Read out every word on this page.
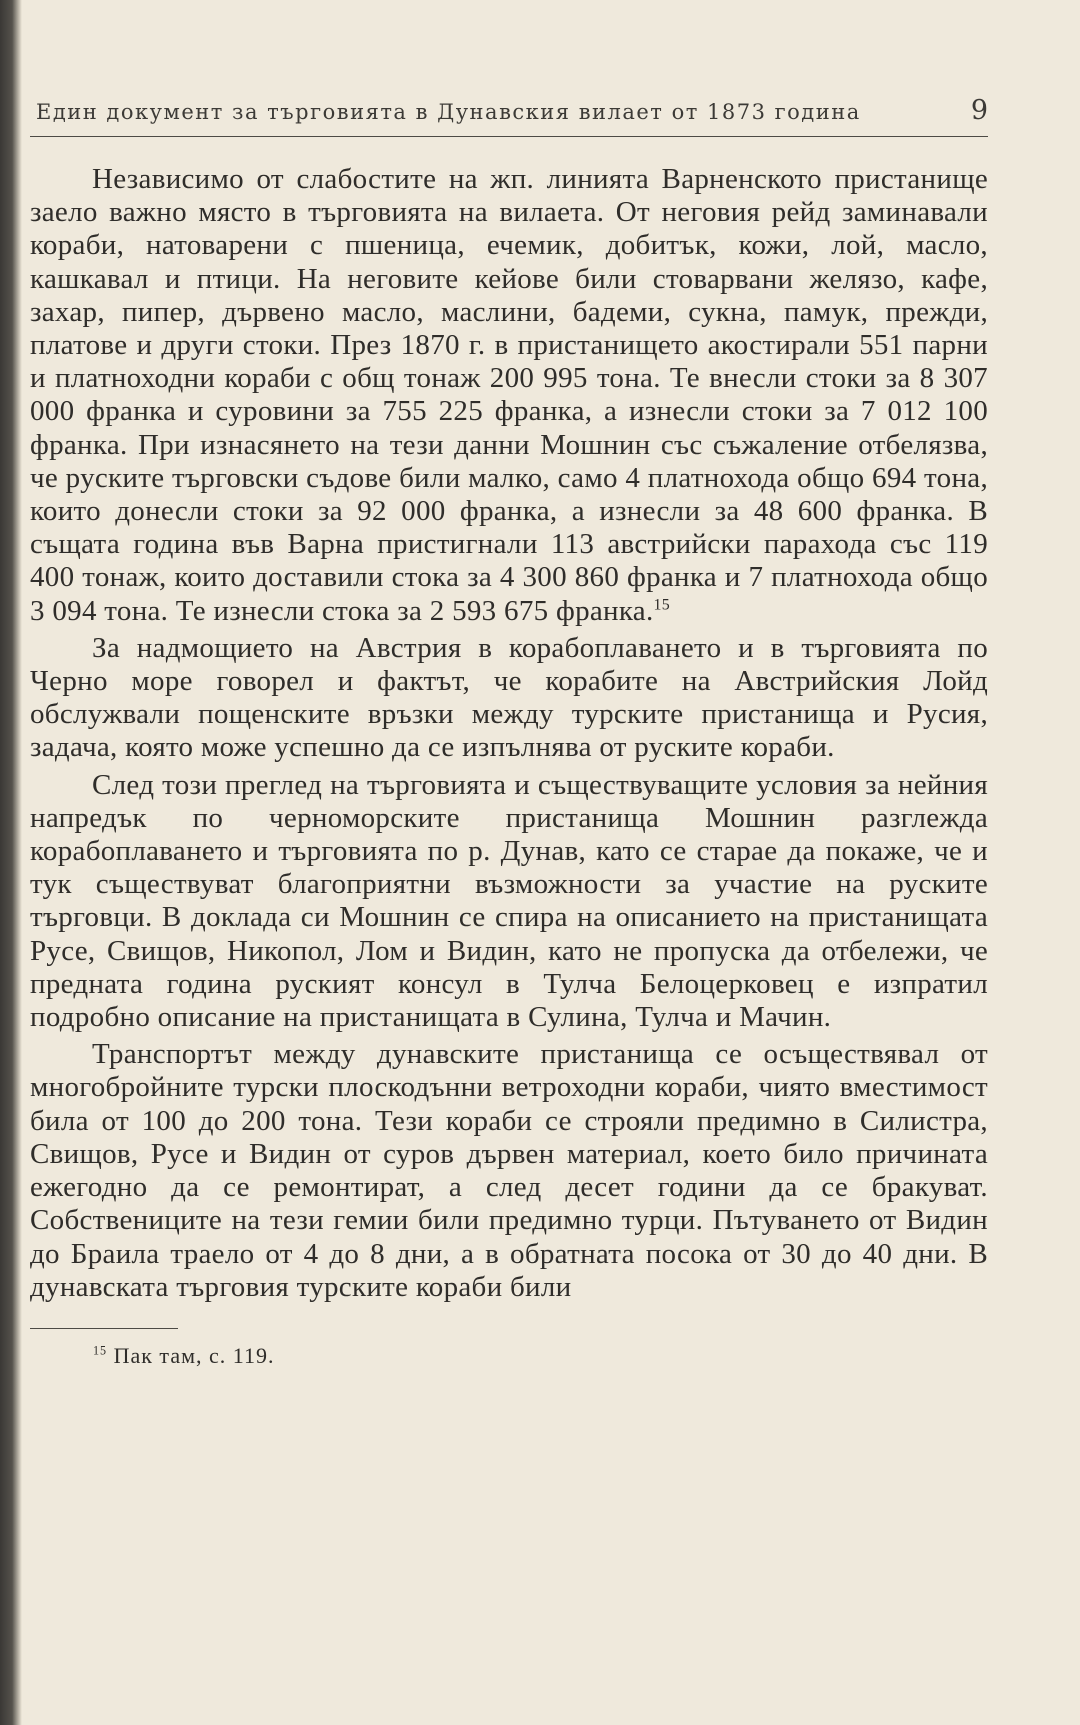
Един документ за търговията в Дунавския вилает от 1873 година	9

Независимо от слабостите на жп. линията Варненското пристанище заело важно място в търговията на вилаета. От неговия рейд заминавали кораби, натоварени с пшеница, ечемик, добитък, кожи, лой, масло, кашкавал и птици. На неговите кейове били стоварвани желязо, кафе, захар, пипер, дървено масло, маслини, бадеми, сукна, памук, прежди, платове и други стоки. През 1870 г. в пристанището акостирали 551 парни и платноходни кораби с общ тонаж 200 995 тона. Те внесли стоки за 8 307 000 франка и суровини за 755 225 франка, а изнесли стоки за 7 012 100 франка. При изнасянето на тези данни Мошнин със съжаление отбелязва, че руските търговски съдове били малко, само 4 платнохода общо 694 тона, които донесли стоки за 92 000 франка, а изнесли за 48 600 франка. В същата година във Варна пристигнали 113 австрийски парахода със 119 400 тонаж, които доставили стока за 4 300 860 франка и 7 платнохода общо 3 094 тона. Те изнесли стока за 2 593 675 франка.$^{15}$

За надмощието на Австрия в корабоплаването и в търговията по Черно море говорел и фактът, че корабите на Австрийския Лойд обслужвали пощенските връзки между турските пристанища и Русия, задача, която може успешно да се изпълнява от руските кораби.

След този преглед на търговията и съществуващите условия за нейния напредък по черноморските пристанища Мошнин разглежда корабоплаването и търговията по р. Дунав, като се старае да покаже, че и тук съществуват благоприятни възможности за участие на руските търговци. В доклада си Мошнин се спира на описанието на пристанищата Русе, Свищов, Никопол, Лом и Видин, като не пропуска да отбележи, че предната година руският консул в Тулча Белоцерковец е изпратил подробно описание на пристанищата в Сулина, Тулча и Мачин.

Транспортът между дунавските пристанища се осъществявал от многобройните турски плоскодънни ветроходни кораби, чиято вместимост била от 100 до 200 тона. Тези кораби се строяли предимно в Силистра, Свищов, Русе и Видин от суров дървен материал, което било причината ежегодно да се ремонтират, а след десет години да се бракуват. Собствениците на тези гемии били предимно турци. Пътуването от Видин до Браила траело от 4 до 8 дни, а в обратната посока от 30 до 40 дни. В дунавската търговия турските кораби били

$^{15}$ Пак там, с. 119.
